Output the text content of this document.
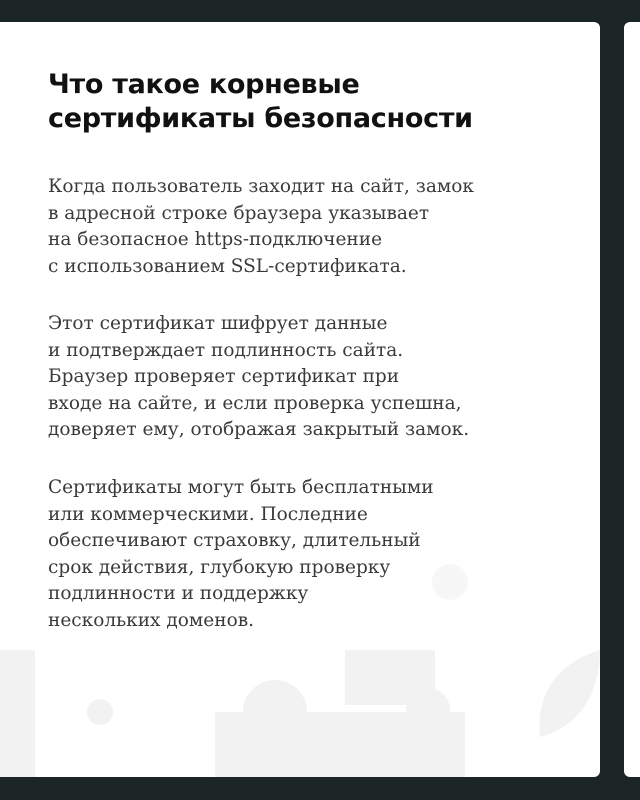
Что такое корневые
сертификаты безопасности

Когда пользователь заходит на сайт, замок
в адресной строке браузера указывает
на безопасное https-подключение
с использованием SSL-сертификата.

Этот сертификат шифрует данные
и подтверждает подлинность сайта.
Браузер проверяет сертификат при
входе на сайте, и если проверка успешна,
доверяет ему, отображая закрытый замок.

Сертификаты могут быть бесплатными
или коммерческими. Последние
обеспечивают страховку, длительный
срок действия, глубокую проверку
подлинности и поддержку
нескольких доменов.
